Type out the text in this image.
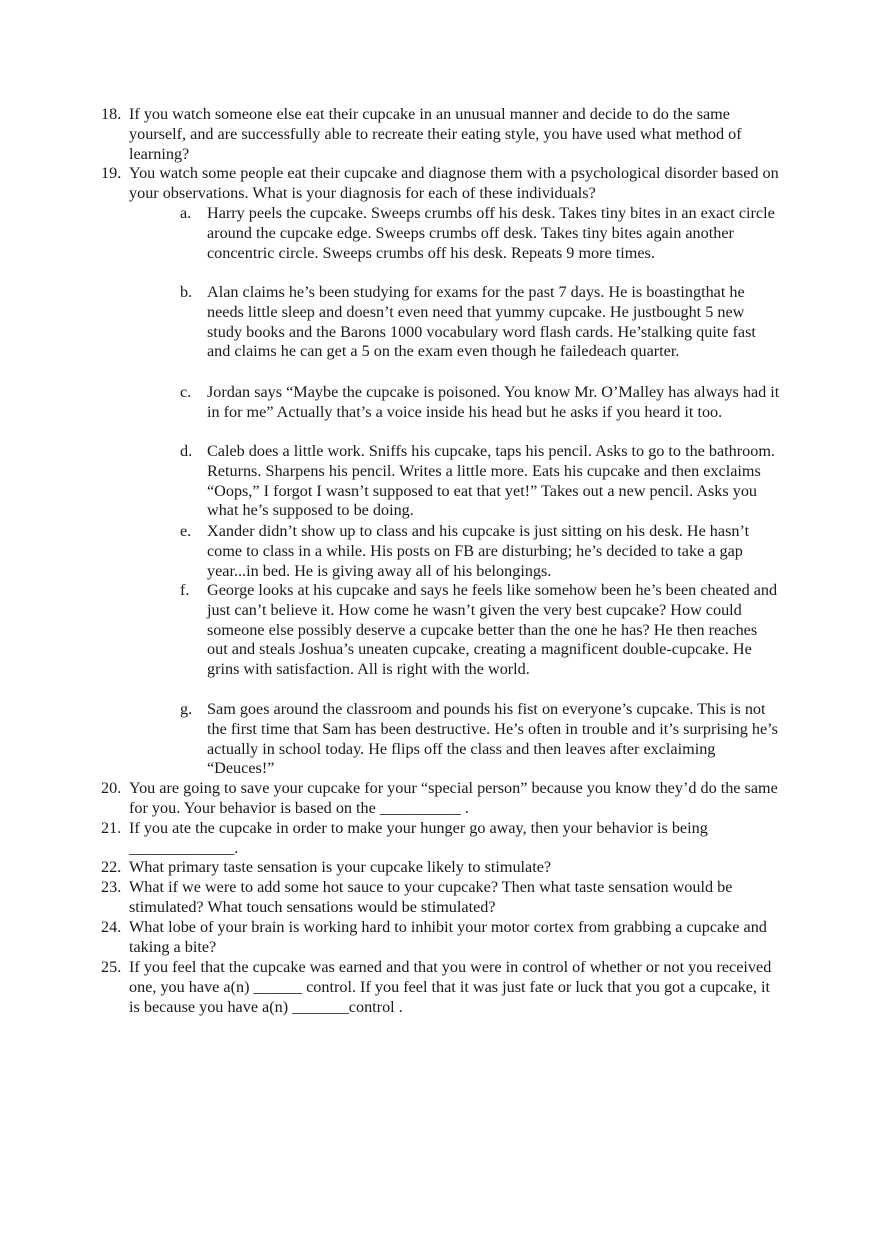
18. If you watch someone else eat their cupcake in an unusual manner and decide to do the same yourself, and are successfully able to recreate their eating style, you have used what method of learning?
19. You watch some people eat their cupcake and diagnose them with a psychological disorder based on your observations. What is your diagnosis for each of these individuals?
a. Harry peels the cupcake. Sweeps crumbs off his desk. Takes tiny bites in an exact circle around the cupcake edge. Sweeps crumbs off desk. Takes tiny bites again another concentric circle. Sweeps crumbs off his desk. Repeats 9 more times.
b. Alan claims he’s been studying for exams for the past 7 days. He is boastingthat he needs little sleep and doesn’t even need that yummy cupcake. He justbought 5 new study books and the Barons 1000 vocabulary word flash cards. He’stalking quite fast and claims he can get a 5 on the exam even though he failedeach quarter.
c. Jordan says “Maybe the cupcake is poisoned. You know Mr. O’Malley has always had it in for me” Actually that’s a voice inside his head but he asks if you heard it too.
d. Caleb does a little work. Sniffs his cupcake, taps his pencil. Asks to go to the bathroom. Returns. Sharpens his pencil. Writes a little more. Eats his cupcake and then exclaims “Oops,” I forgot I wasn’t supposed to eat that yet!” Takes out a new pencil. Asks you what he’s supposed to be doing.
e. Xander didn’t show up to class and his cupcake is just sitting on his desk. He hasn’t come to class in a while. His posts on FB are disturbing; he’s decided to take a gap year...in bed. He is giving away all of his belongings.
f.	George looks at his cupcake and says he feels like somehow been he’s been cheated and just can’t believe it. How come he wasn’t given the very best cupcake? How could someone else possibly deserve a cupcake better than the one he has? He then reaches out and steals Joshua’s uneaten cupcake, creating a magnificent double-cupcake. He grins with satisfaction. All is right with the world.
g. Sam goes around the classroom and pounds his fist on everyone’s cupcake. This is not the first time that Sam has been destructive. He’s often in trouble and it’s surprising he’s actually in school today. He flips off the class and then leaves after exclaiming “Deuces!”
20. You are going to save your cupcake for your “special person” because you know they’d do the same for you. Your behavior is based on the __________ .
21. If you ate the cupcake in order to make your hunger go away, then your behavior is being _____________.
22. What primary taste sensation is your cupcake likely to stimulate?
23. What if we were to add some hot sauce to your cupcake? Then what taste sensation would be stimulated? What touch sensations would be stimulated?
24. What lobe of your brain is working hard to inhibit your motor cortex from grabbing a cupcake and taking a bite?
25. If you feel that the cupcake was earned and that you were in control of whether or not you received one, you have a(n) ______ control. If you feel that it was just fate or luck that you got a cupcake, it is because you have a(n) _______control .
